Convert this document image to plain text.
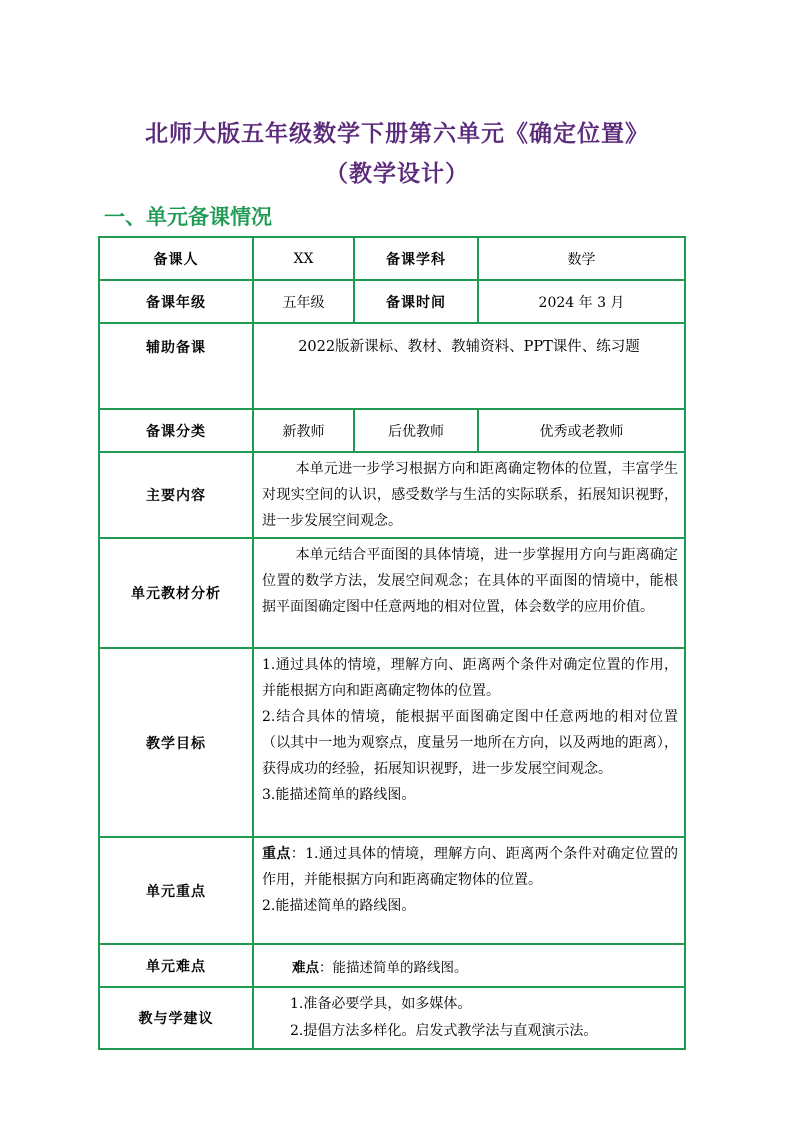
北师大版五年级数学下册第六单元《确定位置》
（教学设计）
一、单元备课情况
备课人	XX	备课学科	数学
备课年级	五年级	备课时间	2024 年 3 月
辅助备课	2022版新课标、教材、教辅资料、PPT课件、练习题		
备课分类	新教师	后优教师	优秀或老教师
主要内容	本单元进一步学习根据方向和距离确定物体的位置，丰富学生对现实空间的认识，感受数学与生活的实际联系，拓展知识视野，进一步发展空间观念。		

单元教材分析	本单元结合平面图的具体情境，进一步掌握用方向与距离确定位置的数学方法，发展空间观念；在具体的平面图的情境中，能根据平面图确定图中任意两地的相对位置，体会数学的应用价值。		

教学目标	1.通过具体的情境，理解方向、距离两个条件对确定位置的作用，并能根据方向和距离确定物体的位置。
2.结合具体的情境，能根据平面图确定图中任意两地的相对位置（以其中一地为观察点，度量另一地所在方向，以及两地的距离），获得成功的经验，拓展知识视野，进一步发展空间观念。
3.能描述简单的路线图。		

单元重点	重点：1.通过具体的情境，理解方向、距离两个条件对确定位置的作用，并能根据方向和距离确定物体的位置。
2.能描述简单的路线图。		

单元难点	难点：能描述简单的路线图。		
教与学建议	1.准备必要学具，如多媒体。
2.提倡方法多样化。启发式教学法与直观演示法。		
